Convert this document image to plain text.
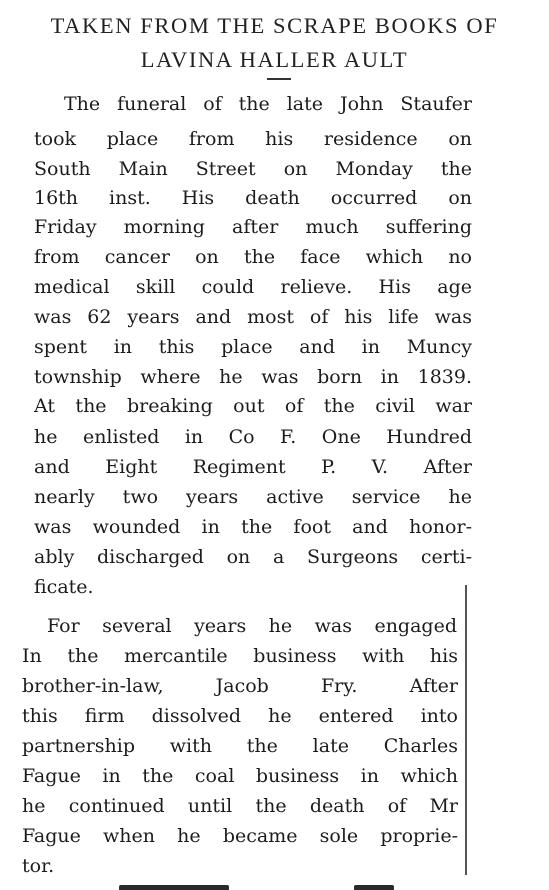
TAKEN FROM THE SCRAPE BOOKS OF
LAVINA HALLER AULT
The funeral of the late John Staufer
took place from his residence on
South Main Street on Monday the
16th inst. His death occurred on
Friday morning after much suffering
from cancer on the face which no
medical skill could relieve. His age
was 62 years and most of his life was
spent in this place and in Muncy
township where he was born in 1839.
At the breaking out of the civil war
he enlisted in Co F. One Hundred
and Eight Regiment P. V. After
nearly two years active service he
was wounded in the foot and honor-
ably discharged on a Surgeons certi-
ficate.
For several years he was engaged
In the mercantile business with his
brother-in-law, Jacob Fry. After
this firm dissolved he entered into
partnership with the late Charles
Fague in the coal business in which
he continued until the death of Mr
Fague when he became sole proprie-
tor.
